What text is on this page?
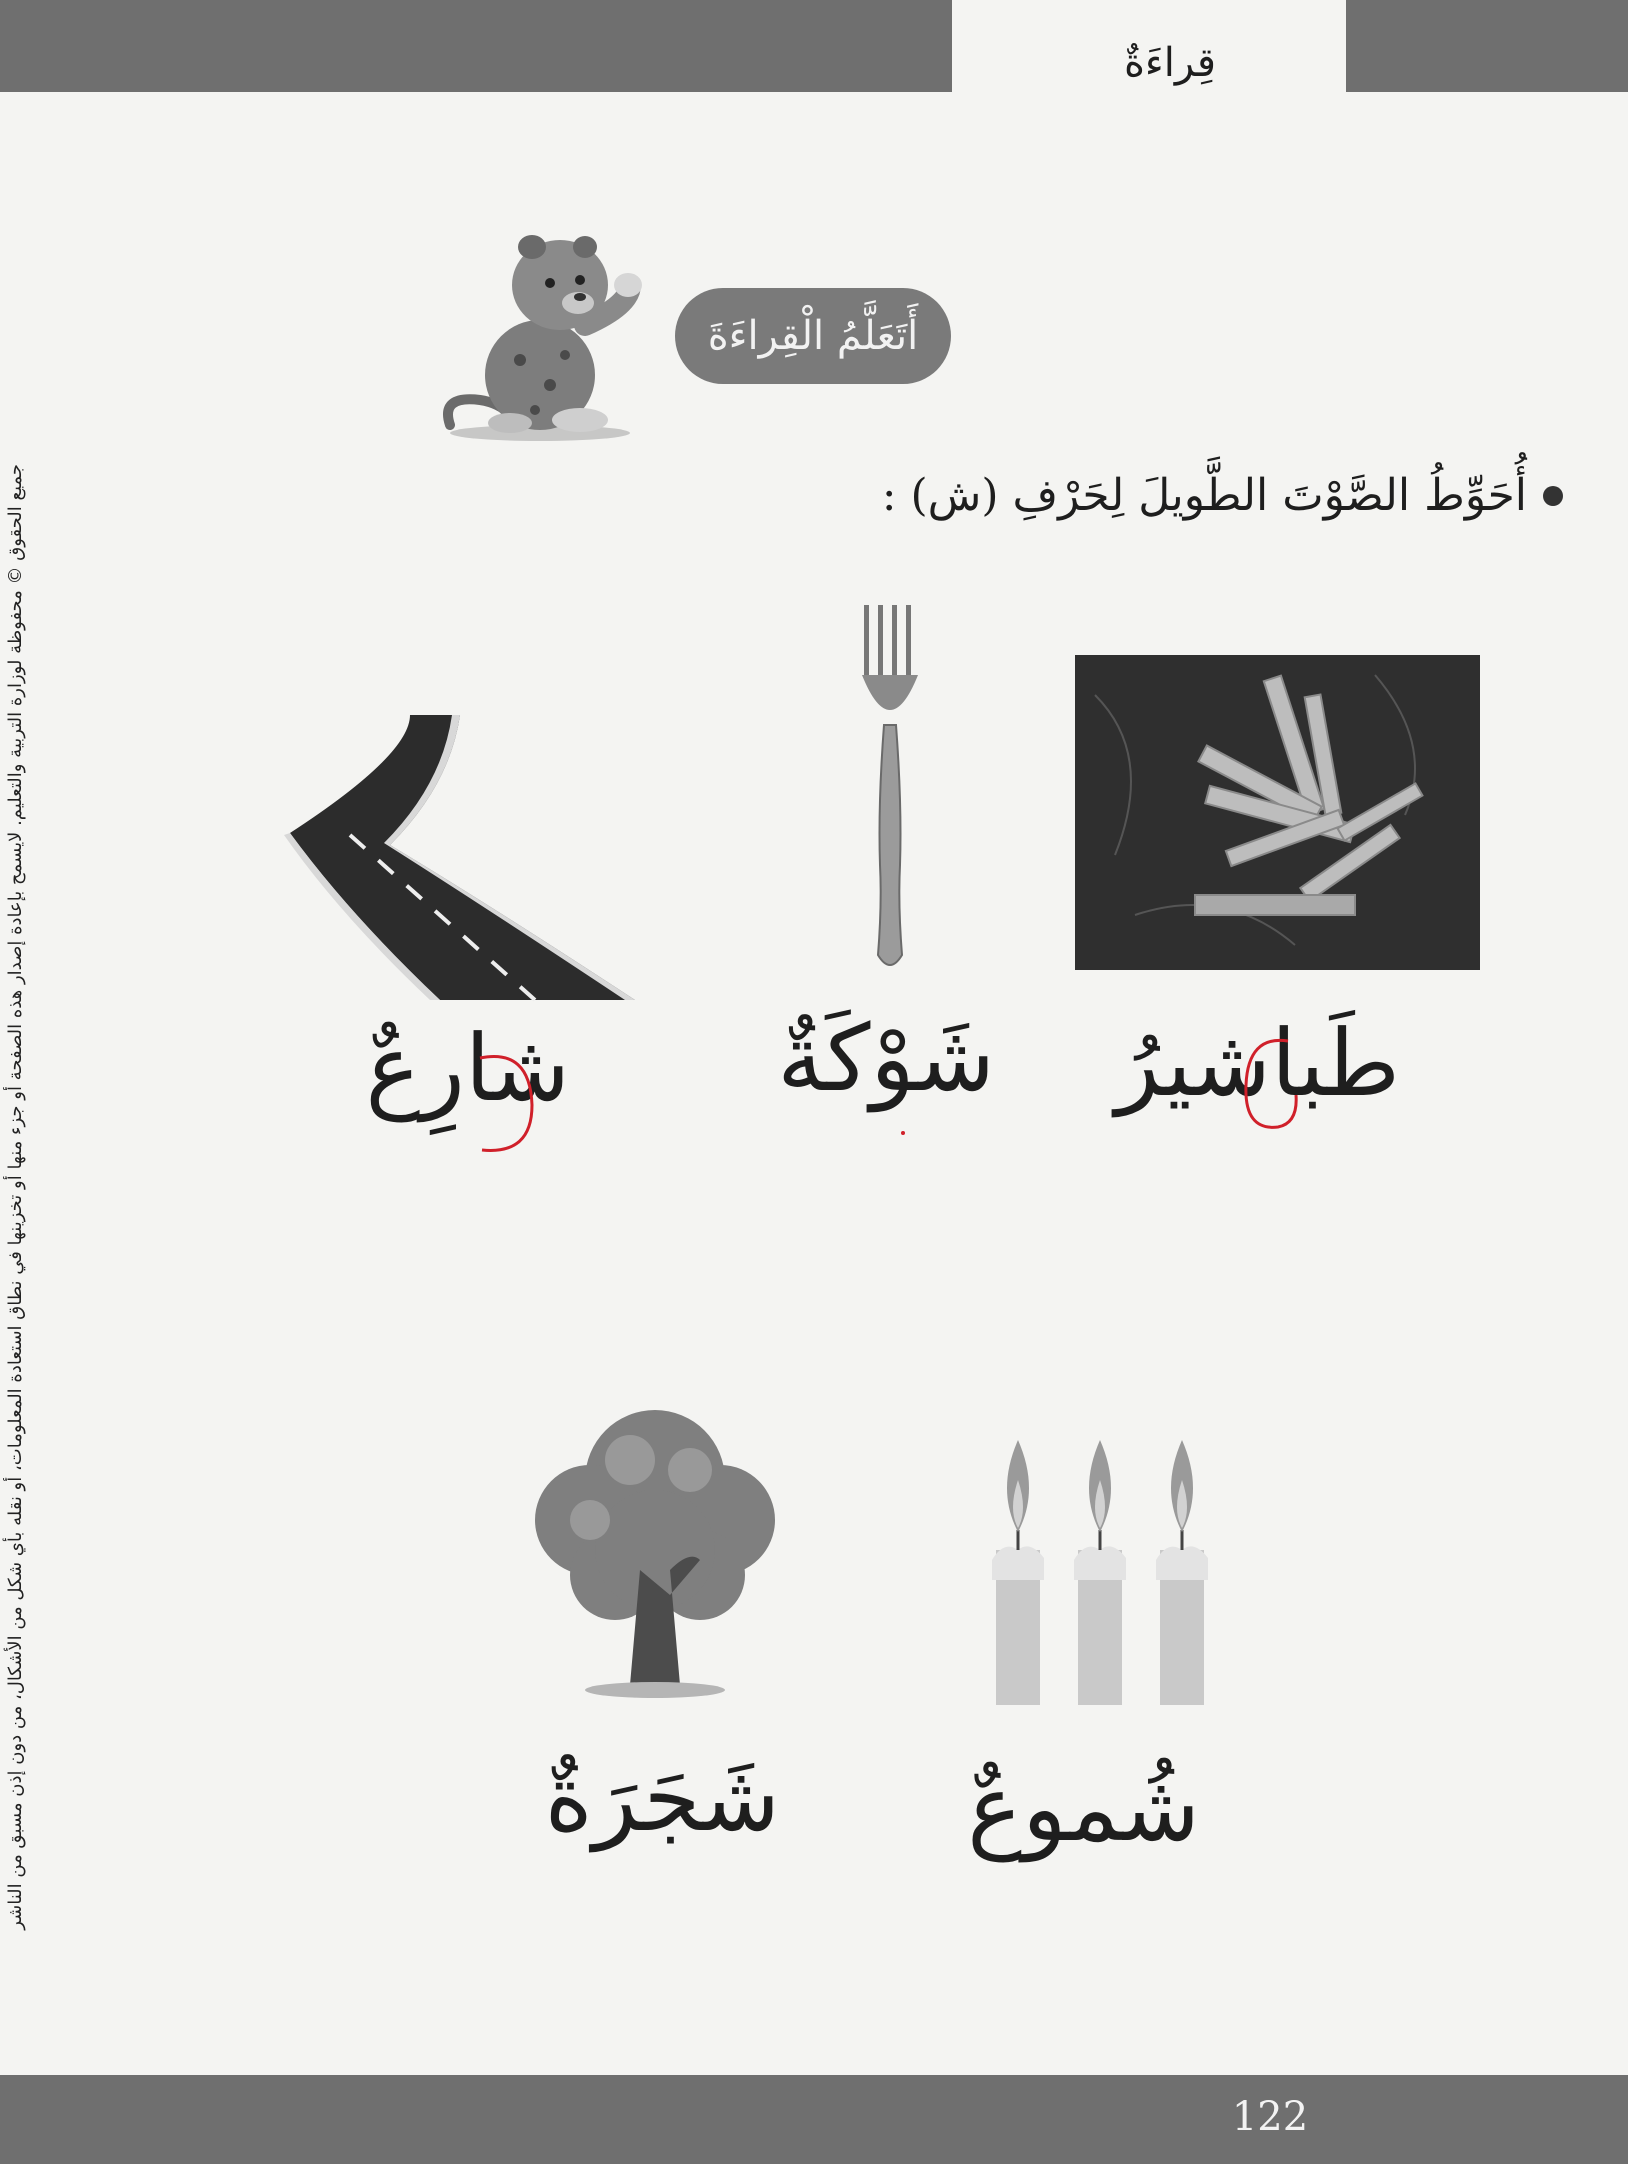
قِراءَةٌ
جميع الحقوق © محفوظة لوزارة التربية والتعليم. لايسمح بإعادة إصدار هذه الصفحة أو جزء منها أو تخزينها في نطاق استعادة المعلومات، أو نقله بأي شكل من الأشكال، من دون إذن مسبق من الناشر
أَتَعَلَّمُ الْقِراءَةَ
أُحَوِّطُ الصَّوْتَ الطَّويلَ لِحَرْفِ (ش) :
طَباشيرُ
شَوْكَةٌ
شارِعٌ
شُموعٌ
شَجَرَةٌ
122
